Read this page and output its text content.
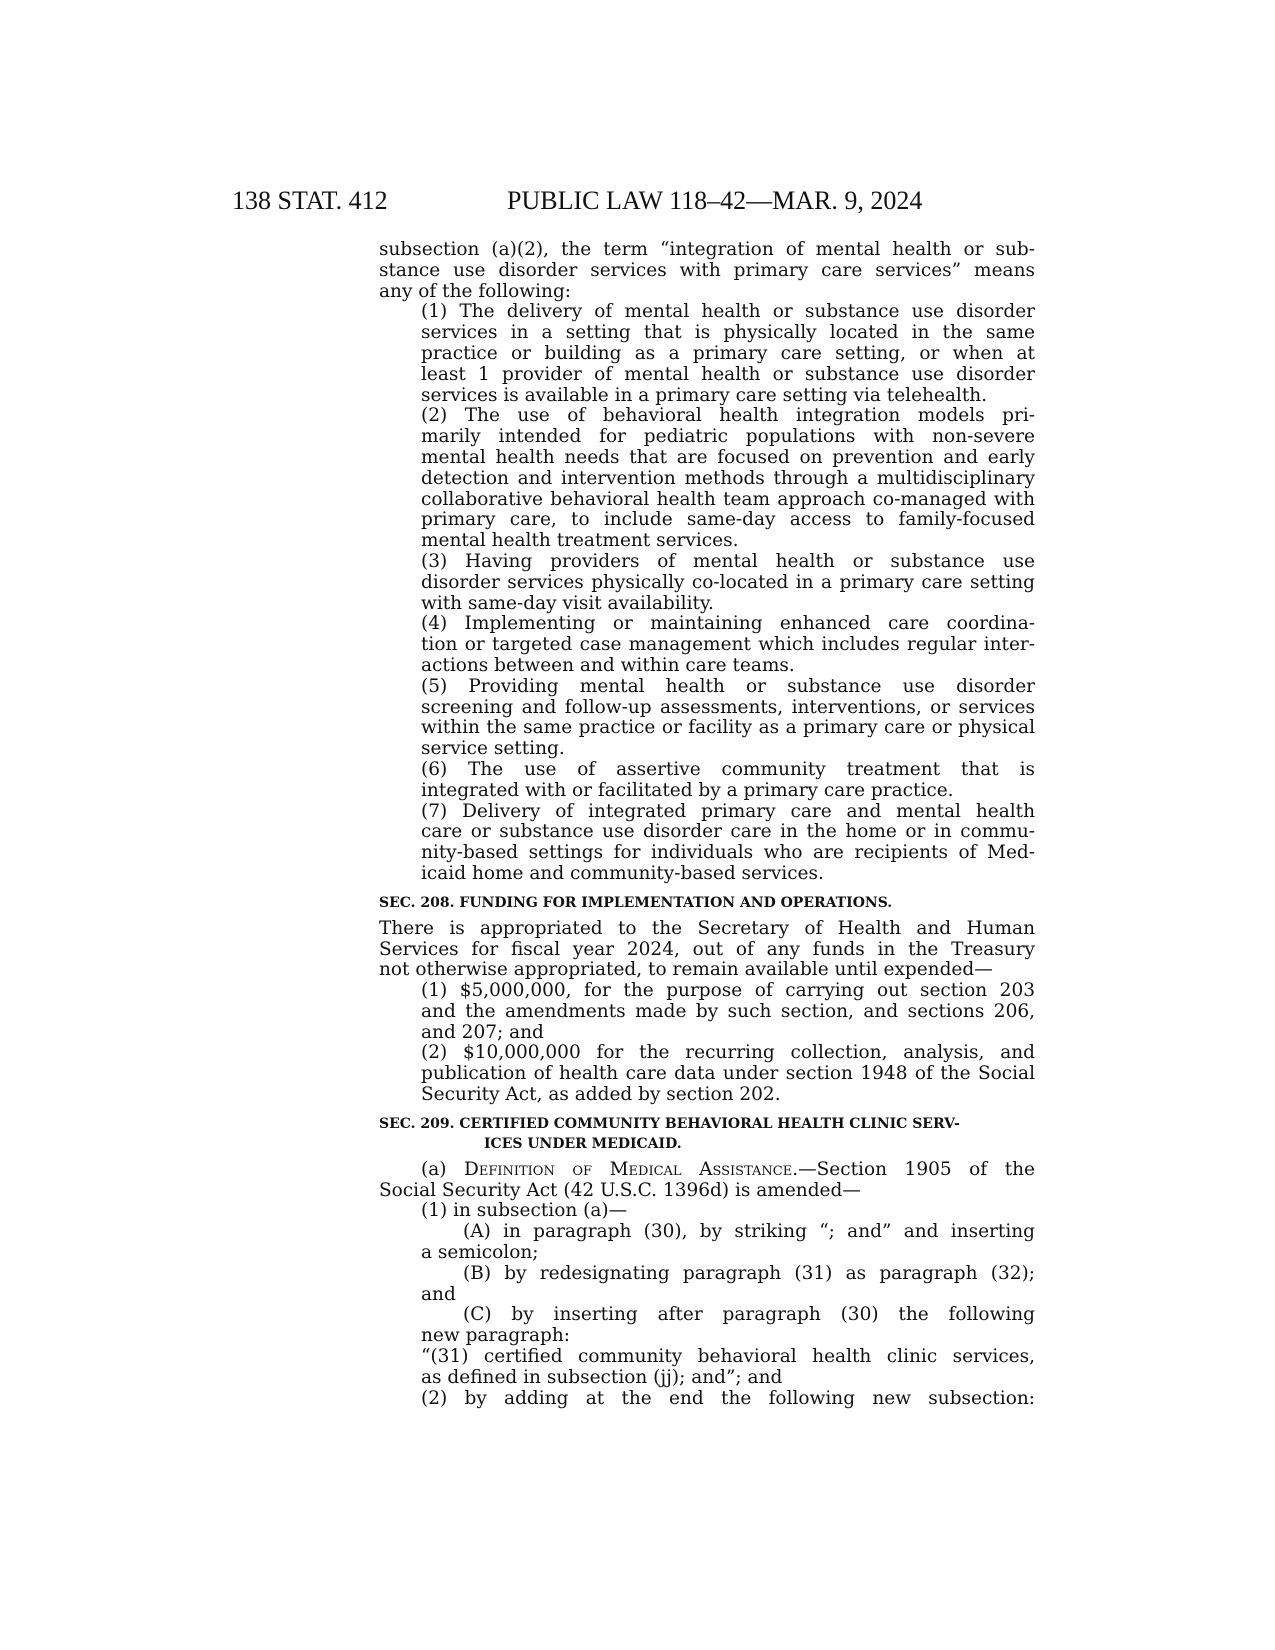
138 STAT. 412	PUBLIC LAW 118–42—MAR. 9, 2024
subsection (a)(2), the term “integration of mental health or sub-
stance use disorder services with primary care services” means
any of the following:
(1) The delivery of mental health or substance use disorder
services in a setting that is physically located in the same
practice or building as a primary care setting, or when at
least 1 provider of mental health or substance use disorder
services is available in a primary care setting via telehealth.
(2) The use of behavioral health integration models pri-
marily intended for pediatric populations with non-severe
mental health needs that are focused on prevention and early
detection and intervention methods through a multidisciplinary
collaborative behavioral health team approach co-managed with
primary care, to include same-day access to family-focused
mental health treatment services.
(3) Having providers of mental health or substance use
disorder services physically co-located in a primary care setting
with same-day visit availability.
(4) Implementing or maintaining enhanced care coordina-
tion or targeted case management which includes regular inter-
actions between and within care teams.
(5) Providing mental health or substance use disorder
screening and follow-up assessments, interventions, or services
within the same practice or facility as a primary care or physical
service setting.
(6) The use of assertive community treatment that is
integrated with or facilitated by a primary care practice.
(7) Delivery of integrated primary care and mental health
care or substance use disorder care in the home or in commu-
nity-based settings for individuals who are recipients of Med-
icaid home and community-based services.
SEC. 208. FUNDING FOR IMPLEMENTATION AND OPERATIONS.
There is appropriated to the Secretary of Health and Human
Services for fiscal year 2024, out of any funds in the Treasury
not otherwise appropriated, to remain available until expended—
(1) $5,000,000, for the purpose of carrying out section 203
and the amendments made by such section, and sections 206,
and 207; and
(2) $10,000,000 for the recurring collection, analysis, and
publication of health care data under section 1948 of the Social
Security Act, as added by section 202.
SEC. 209. CERTIFIED COMMUNITY BEHAVIORAL HEALTH CLINIC SERV-
ICES UNDER MEDICAID.
(a) Definition of Medical Assistance.—Section 1905 of the
Social Security Act (42 U.S.C. 1396d) is amended—
(1) in subsection (a)—
(A) in paragraph (30), by striking “; and” and inserting
a semicolon;
(B) by redesignating paragraph (31) as paragraph (32);
and
(C) by inserting after paragraph (30) the following
new paragraph:
“(31) certified community behavioral health clinic services,
as defined in subsection (jj); and”; and
(2) by adding at the end the following new subsection:
